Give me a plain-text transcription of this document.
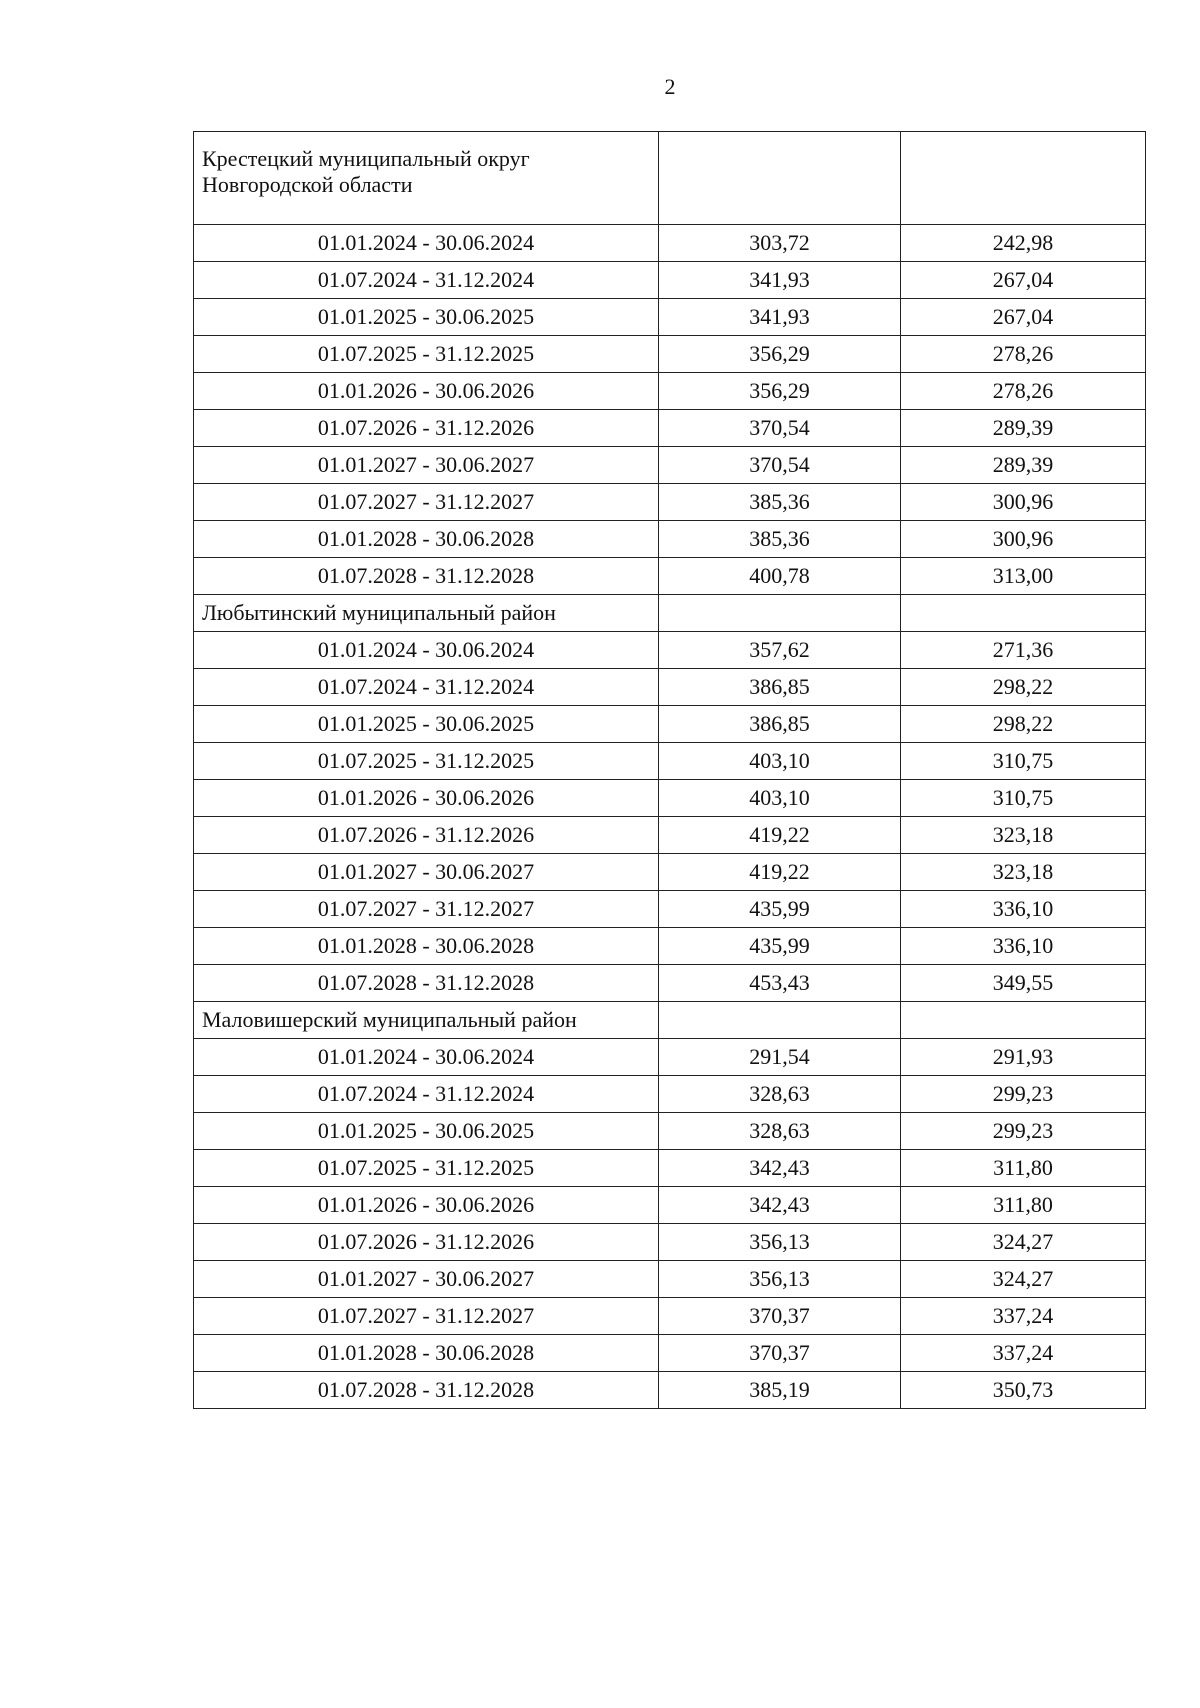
2
Крестецкий муниципальный округ Новгородской области		
01.01.2024 - 30.06.2024	303,72	242,98
01.07.2024 - 31.12.2024	341,93	267,04
01.01.2025 - 30.06.2025	341,93	267,04
01.07.2025 - 31.12.2025	356,29	278,26
01.01.2026 - 30.06.2026	356,29	278,26
01.07.2026 - 31.12.2026	370,54	289,39
01.01.2027 - 30.06.2027	370,54	289,39
01.07.2027 - 31.12.2027	385,36	300,96
01.01.2028 - 30.06.2028	385,36	300,96
01.07.2028 - 31.12.2028	400,78	313,00
Любытинский муниципальный район		
01.01.2024 - 30.06.2024	357,62	271,36
01.07.2024 - 31.12.2024	386,85	298,22
01.01.2025 - 30.06.2025	386,85	298,22
01.07.2025 - 31.12.2025	403,10	310,75
01.01.2026 - 30.06.2026	403,10	310,75
01.07.2026 - 31.12.2026	419,22	323,18
01.01.2027 - 30.06.2027	419,22	323,18
01.07.2027 - 31.12.2027	435,99	336,10
01.01.2028 - 30.06.2028	435,99	336,10
01.07.2028 - 31.12.2028	453,43	349,55
Маловишерский муниципальный район		
01.01.2024 - 30.06.2024	291,54	291,93
01.07.2024 - 31.12.2024	328,63	299,23
01.01.2025 - 30.06.2025	328,63	299,23
01.07.2025 - 31.12.2025	342,43	311,80
01.01.2026 - 30.06.2026	342,43	311,80
01.07.2026 - 31.12.2026	356,13	324,27
01.01.2027 - 30.06.2027	356,13	324,27
01.07.2027 - 31.12.2027	370,37	337,24
01.01.2028 - 30.06.2028	370,37	337,24
01.07.2028 - 31.12.2028	385,19	350,73
